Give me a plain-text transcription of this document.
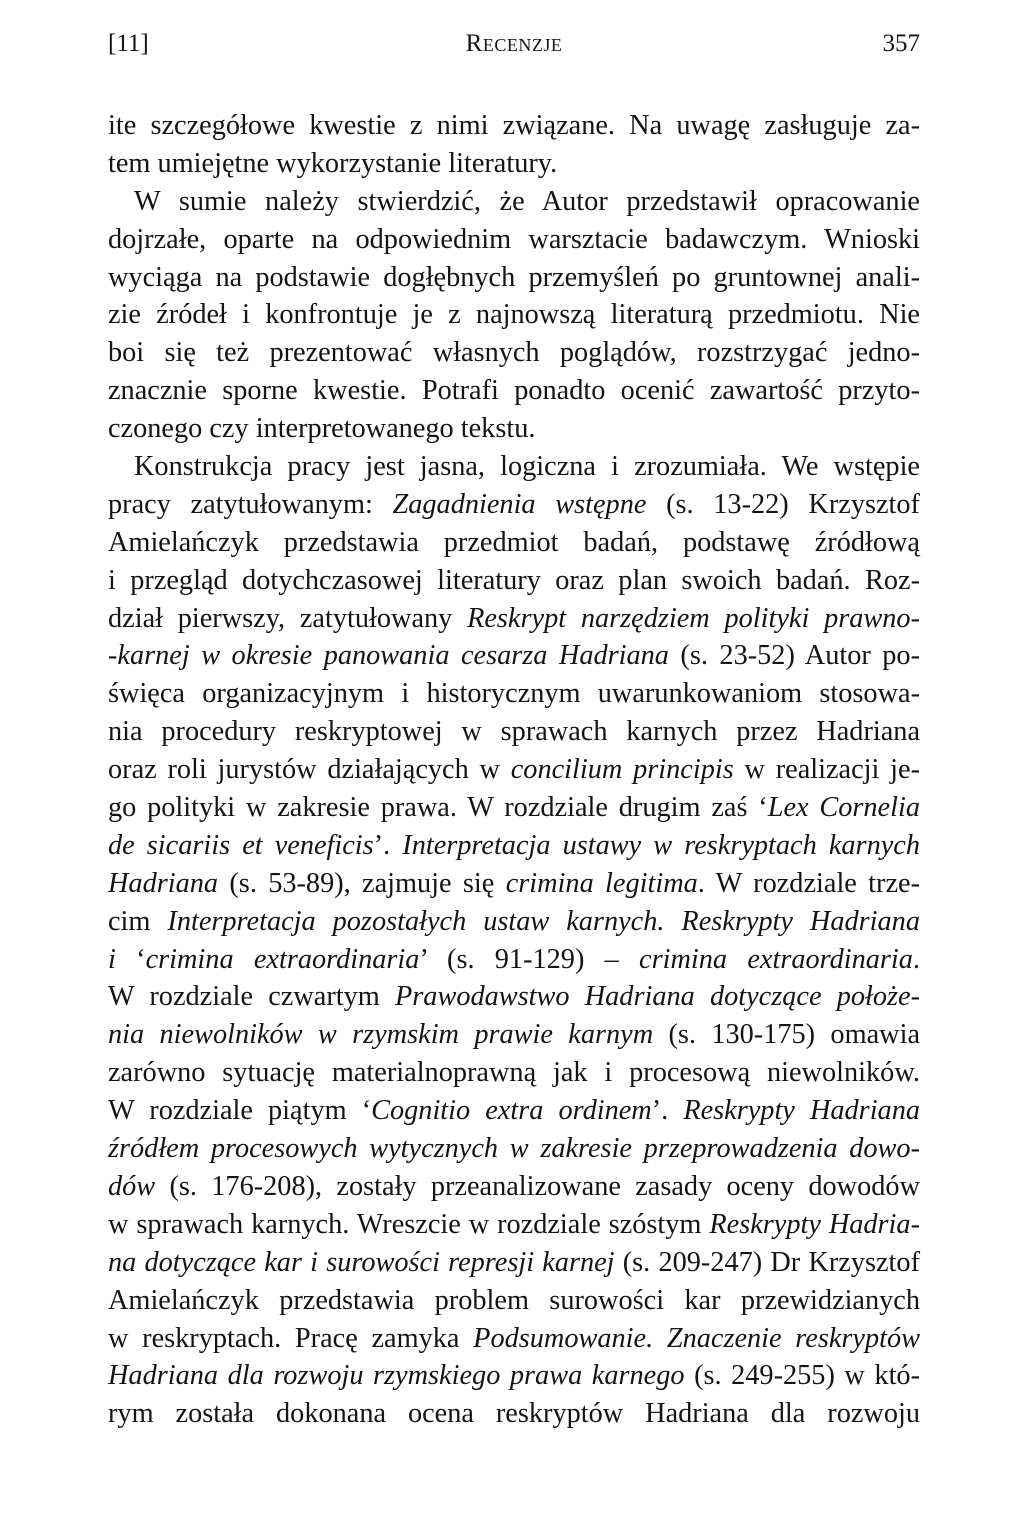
[11]	Recenzje	357
ite szczegółowe kwestie z nimi związane. Na uwagę zasługuje za-
tem umiejętne wykorzystanie literatury.
W sumie należy stwierdzić, że Autor przedstawił opracowanie
dojrzałe, oparte na odpowiednim warsztacie badawczym. Wnioski
wyciąga na podstawie dogłębnych przemyśleń po gruntownej anali-
zie źródeł i konfrontuje je z najnowszą literaturą przedmiotu. Nie
boi się też prezentować własnych poglądów, rozstrzygać jedno-
znacznie sporne kwestie. Potrafi ponadto ocenić zawartość przyto-
czonego czy interpretowanego tekstu.
Konstrukcja pracy jest jasna, logiczna i zrozumiała. We wstępie
pracy zatytułowanym: Zagadnienia wstępne (s. 13-22) Krzysztof
Amielańczyk przedstawia przedmiot badań, podstawę źródłową
i przegląd dotychczasowej literatury oraz plan swoich badań. Roz-
dział pierwszy, zatytułowany Reskrypt narzędziem polityki prawno-
-karnej w okresie panowania cesarza Hadriana (s. 23-52) Autor po-
święca organizacyjnym i historycznym uwarunkowaniom stosowa-
nia procedury reskryptowej w sprawach karnych przez Hadriana
oraz roli jurystów działających w concilium principis w realizacji je-
go polityki w zakresie prawa. W rozdziale drugim zaś ‘Lex Cornelia
de sicariis et veneficis’. Interpretacja ustawy w reskryptach karnych
Hadriana (s. 53-89), zajmuje się crimina legitima. W rozdziale trze-
cim Interpretacja pozostałych ustaw karnych. Reskrypty Hadriana
i ‘crimina extraordinaria’ (s. 91-129) – crimina extraordinaria.
W rozdziale czwartym Prawodawstwo Hadriana dotyczące położe-
nia niewolników w rzymskim prawie karnym (s. 130-175) omawia
zarówno sytuację materialnoprawną jak i procesową niewolników.
W rozdziale piątym ‘Cognitio extra ordinem’. Reskrypty Hadriana
źródłem procesowych wytycznych w zakresie przeprowadzenia dowo-
dów (s. 176-208), zostały przeanalizowane zasady oceny dowodów
w sprawach karnych. Wreszcie w rozdziale szóstym Reskrypty Hadria-
na dotyczące kar i surowości represji karnej (s. 209-247) Dr Krzysztof
Amielańczyk przedstawia problem surowości kar przewidzianych
w reskryptach. Pracę zamyka Podsumowanie. Znaczenie reskryptów
Hadriana dla rozwoju rzymskiego prawa karnego (s. 249-255) w któ-
rym została dokonana ocena reskryptów Hadriana dla rozwoju
